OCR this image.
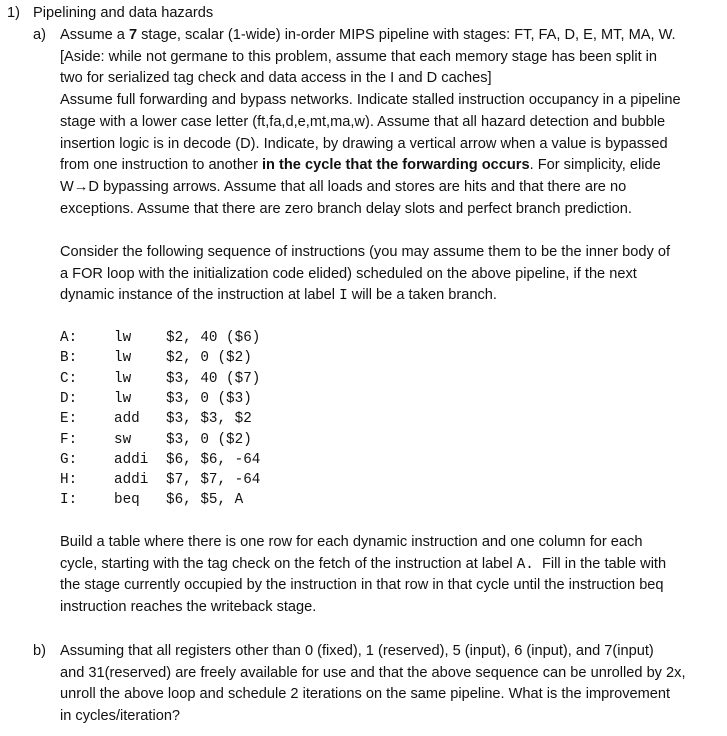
1) Pipelining and data hazards
a) Assume a 7 stage, scalar (1-wide) in-order MIPS pipeline with stages: FT, FA, D, E, MT, MA, W.
[Aside: while not germane to this problem, assume that each memory stage has been split in
two for serialized tag check and data access in the I and D caches]
Assume full forwarding and bypass networks. Indicate stalled instruction occupancy in a pipeline
stage with a lower case letter (ft,fa,d,e,mt,ma,w). Assume that all hazard detection and bubble
insertion logic is in decode (D). Indicate, by drawing a vertical arrow when a value is bypassed
from one instruction to another in the cycle that the forwarding occurs. For simplicity, elide
W→D bypassing arrows. Assume that all loads and stores are hits and that there are no
exceptions. Assume that there are zero branch delay slots and perfect branch prediction.
Consider the following sequence of instructions (you may assume them to be the inner body of
a FOR loop with the initialization code elided) scheduled on the above pipeline, if the next
dynamic instance of the instruction at label I will be a taken branch.
A:	lw $2, 40 ($6)
B:	lw $2, 0 ($2)
C:	lw $3, 40 ($7)
D:	lw $3, 0 ($3)
E:	add $3, $3, $2
F:	sw $3, 0 ($2)
G:	addi $6, $6, -64
H:	addi $7, $7, -64
I:	beq $6, $5, A
Build a table where there is one row for each dynamic instruction and one column for each
cycle, starting with the tag check on the fetch of the instruction at label A.  Fill in the table with
the stage currently occupied by the instruction in that row in that cycle until the instruction beq
instruction reaches the writeback stage.
b) Assuming that all registers other than 0 (fixed), 1 (reserved), 5 (input), 6 (input), and 7(input)
and 31(reserved) are freely available for use and that the above sequence can be unrolled by 2x,
unroll the above loop and schedule 2 iterations on the same pipeline. What is the improvement
in cycles/iteration?
